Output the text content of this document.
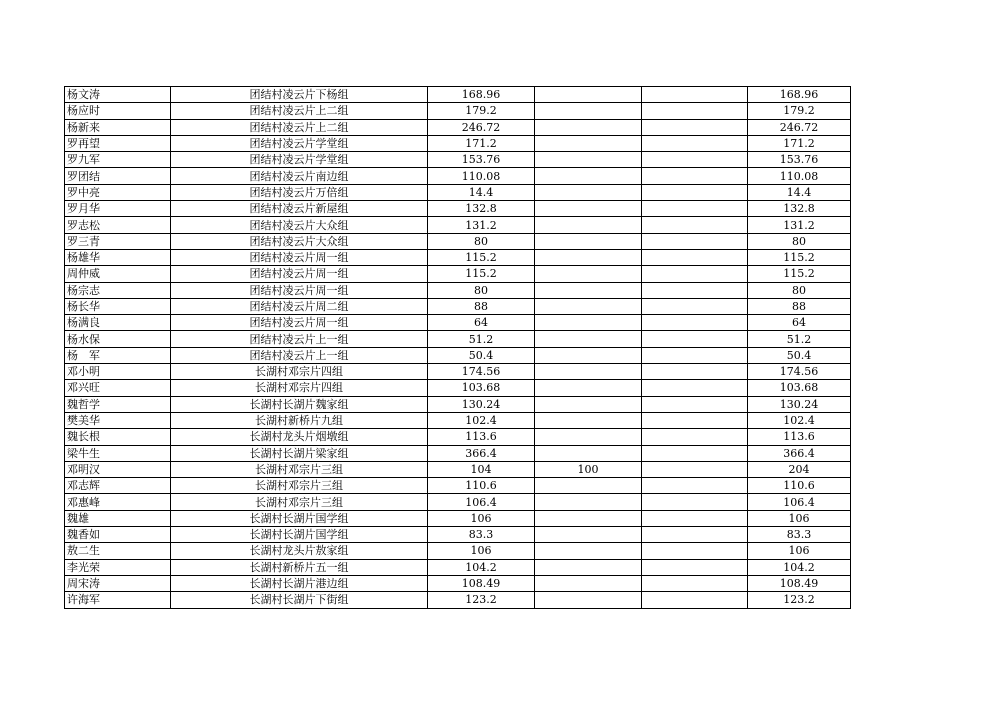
杨文涛	团结村凌云片下杨组	168.96			168.96
杨应时	团结村凌云片上二组	179.2			179.2
杨新来	团结村凌云片上二组	246.72			246.72
罗再望	团结村凌云片学堂组	171.2			171.2
罗九军	团结村凌云片学堂组	153.76			153.76
罗团结	团结村凌云片南边组	110.08			110.08
罗中亮	团结村凌云片万倍组	14.4			14.4
罗月华	团结村凌云片新屋组	132.8			132.8
罗志松	团结村凌云片大众组	131.2			131.2
罗三青	团结村凌云片大众组	80			80
杨雄华	团结村凌云片周一组	115.2			115.2
周仲威	团结村凌云片周一组	115.2			115.2
杨宗志	团结村凌云片周一组	80			80
杨长华	团结村凌云片周二组	88			88
杨满良	团结村凌云片周一组	64			64
杨水保	团结村凌云片上一组	51.2			51.2
杨　军	团结村凌云片上一组	50.4			50.4
邓小明	长湖村邓宗片四组	174.56			174.56
邓兴旺	长湖村邓宗片四组	103.68			103.68
魏哲学	长湖村长湖片魏家组	130.24			130.24
樊美华	长湖村新桥片九组	102.4			102.4
魏长根	长湖村龙头片烟墩组	113.6			113.6
梁牛生	长湖村长湖片梁家组	366.4			366.4
邓明汉	长湖村邓宗片三组	104	100		204
邓志辉	长湖村邓宗片三组	110.6			110.6
邓惠峰	长湖村邓宗片三组	106.4			106.4
魏雄	长湖村长湖片国学组	106			106
魏香如	长湖村长湖片国学组	83.3			83.3
敖二生	长湖村龙头片敖家组	106			106
李光荣	长湖村新桥片五一组	104.2			104.2
周宋涛	长湖村长湖片港边组	108.49			108.49
许海军	长湖村长湖片下街组	123.2			123.2
